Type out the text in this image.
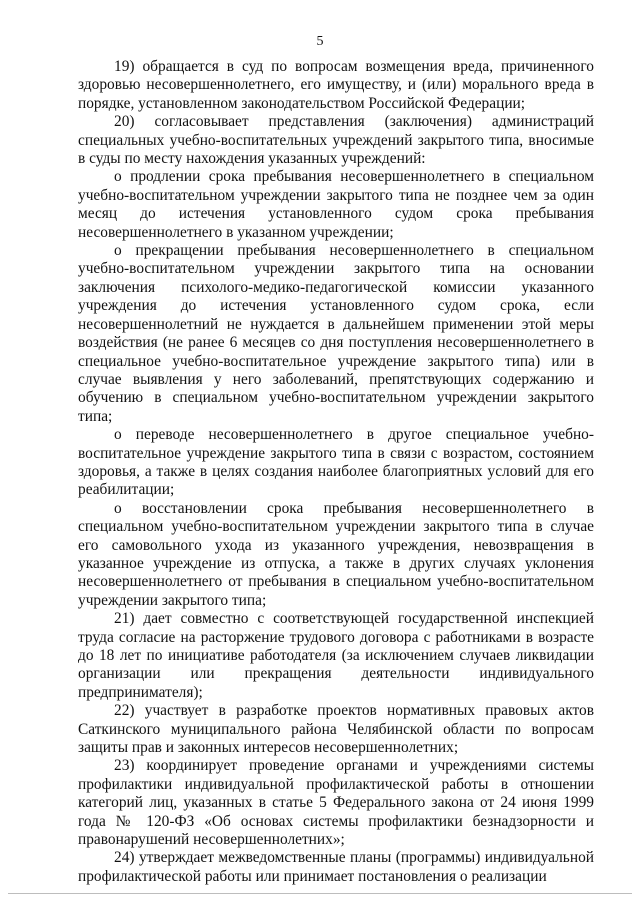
5

19) обращается в суд по вопросам возмещения вреда, причиненного здоровью несовершеннолетнего, его имуществу, и (или) морального вреда в порядке, установленном законодательством Российской Федерации;

20) согласовывает представления (заключения) администраций специальных учебно-воспитательных учреждений закрытого типа, вносимые в суды по месту нахождения указанных учреждений:

о продлении срока пребывания несовершеннолетнего в специальном учебно-воспитательном учреждении закрытого типа не позднее чем за один месяц до истечения установленного судом срока пребывания несовершеннолетнего в указанном учреждении;

о прекращении пребывания несовершеннолетнего в специальном учебно-воспитательном учреждении закрытого типа на основании заключения психолого-медико-педагогической комиссии указанного учреждения до истечения установленного судом срока, если несовершеннолетний не нуждается в дальнейшем применении этой меры воздействия (не ранее 6 месяцев со дня поступления несовершеннолетнего в специальное учебно-воспитательное учреждение закрытого типа) или в случае выявления у него заболеваний, препятствующих содержанию и обучению в специальном учебно-воспитательном учреждении закрытого типа;

о переводе несовершеннолетнего в другое специальное учебно-воспитательное учреждение закрытого типа в связи с возрастом, состоянием здоровья, а также в целях создания наиболее благоприятных условий для его реабилитации;

о восстановлении срока пребывания несовершеннолетнего в специальном учебно-воспитательном учреждении закрытого типа в случае его самовольного ухода из указанного учреждения, невозвращения в указанное учреждение из отпуска, а также в других случаях уклонения несовершеннолетнего от пребывания в специальном учебно-воспитательном учреждении закрытого типа;

21) дает совместно с соответствующей государственной инспекцией труда согласие на расторжение трудового договора с работниками в возрасте до 18 лет по инициативе работодателя (за исключением случаев ликвидации организации или прекращения деятельности индивидуального предпринимателя);

22) участвует в разработке проектов нормативных правовых актов Саткинского муниципального района Челябинской области по вопросам защиты прав и законных интересов несовершеннолетних;

23) координирует проведение органами и учреждениями системы профилактики индивидуальной профилактической работы в отношении категорий лиц, указанных в статье 5 Федерального закона от 24 июня 1999 года № 120-ФЗ «Об основах системы профилактики безнадзорности и правонарушений несовершеннолетних»;

24) утверждает межведомственные планы (программы) индивидуальной профилактической работы или принимает постановления о реализации
